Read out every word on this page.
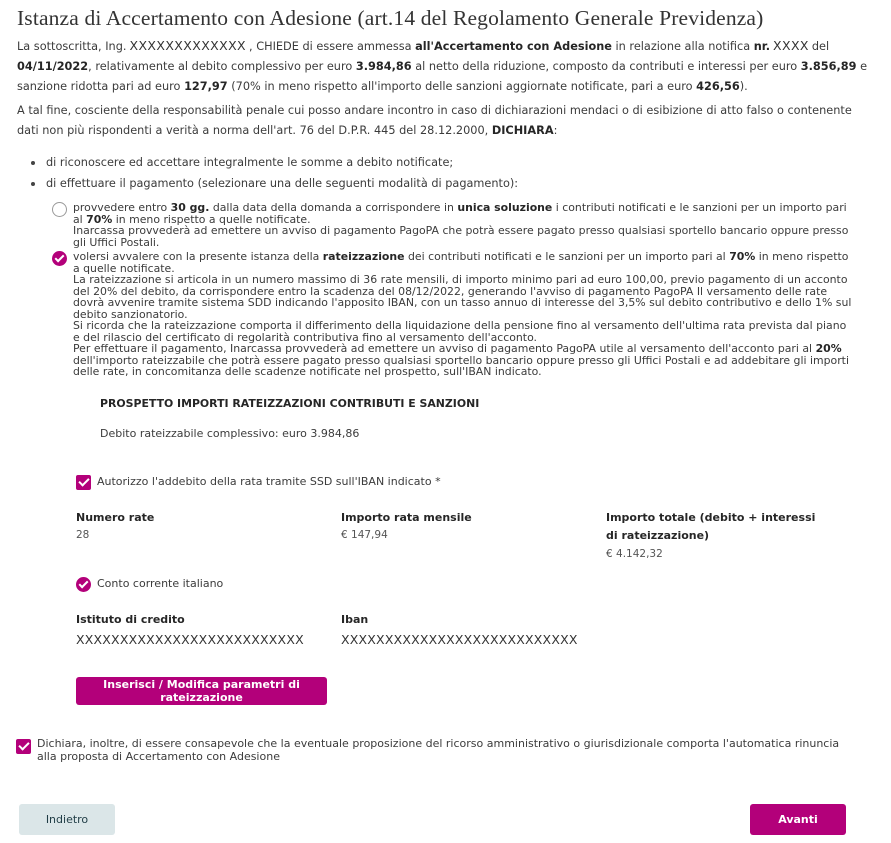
Istanza di Accertamento con Adesione (art.14 del Regolamento Generale Previdenza)

La sottoscritta, Ing. XXXXXXXXXXXXX , CHIEDE di essere ammessa all'Accertamento con Adesione in relazione alla notifica nr. XXXX del 04/11/2022, relativamente al debito complessivo per euro 3.984,86 al netto della riduzione, composto da contributi e interessi per euro 3.856,89 e sanzione ridotta pari ad euro 127,97 (70% in meno rispetto all'importo delle sanzioni aggiornate notificate, pari a euro 426,56).

A tal fine, cosciente della responsabilità penale cui posso andare incontro in caso di dichiarazioni mendaci o di esibizione di atto falso o contenente dati non più rispondenti a verità a norma dell'art. 76 del D.P.R. 445 del 28.12.2000, DICHIARA:

di riconoscere ed accettare integralmente le somme a debito notificate;
di effettuare il pagamento (selezionare una delle seguenti modalità di pagamento):
provvedere entro 30 gg. dalla data della domanda a corrispondere in unica soluzione i contributi notificati e le sanzioni per un importo pari al 70% in meno rispetto a quelle notificate.
Inarcassa provvederà ad emettere un avviso di pagamento PagoPA che potrà essere pagato presso qualsiasi sportello bancario oppure presso gli Uffici Postali.
volersi avvalere con la presente istanza della rateizzazione dei contributi notificati e le sanzioni per un importo pari al 70% in meno rispetto a quelle notificate.
La rateizzazione si articola in un numero massimo di 36 rate mensili, di importo minimo pari ad euro 100,00, previo pagamento di un acconto del 20% del debito, da corrispondere entro la scadenza del 08/12/2022, generando l'avviso di pagamento PagoPA Il versamento delle rate dovrà avvenire tramite sistema SDD indicando l'apposito IBAN, con un tasso annuo di interesse del 3,5% sul debito contributivo e dello 1% sul debito sanzionatorio.
Si ricorda che la rateizzazione comporta il differimento della liquidazione della pensione fino al versamento dell'ultima rata prevista dal piano e del rilascio del certificato di regolarità contributiva fino al versamento dell'acconto.
Per effettuare il pagamento, Inarcassa provvederà ad emettere un avviso di pagamento PagoPA utile al versamento dell'acconto pari al 20% dell'importo rateizzabile che potrà essere pagato presso qualsiasi sportello bancario oppure presso gli Uffici Postali e ad addebitare gli importi delle rate, in concomitanza delle scadenze notificate nel prospetto, sull'IBAN indicato.
PROSPETTO IMPORTI RATEIZZAZIONI CONTRIBUTI E SANZIONI
Debito rateizzabile complessivo: euro 3.984,86
Autorizzo l'addebito della rata tramite SSD sull'IBAN indicato *
Numero rate
28
Importo rata mensile
€ 147,94
Importo totale (debito + interessi di rateizzazione)
€ 4.142,32
Conto corrente italiano
Istituto di credito
XXXXXXXXXXXXXXXXXXXXXXXXXX
Iban
XXXXXXXXXXXXXXXXXXXXXXXXXXX
Inserisci / Modifica parametri di rateizzazione
Dichiara, inoltre, di essere consapevole che la eventuale proposizione del ricorso amministrativo o giurisdizionale comporta l'automatica rinuncia alla proposta di Accertamento con Adesione
Indietro	Avanti
